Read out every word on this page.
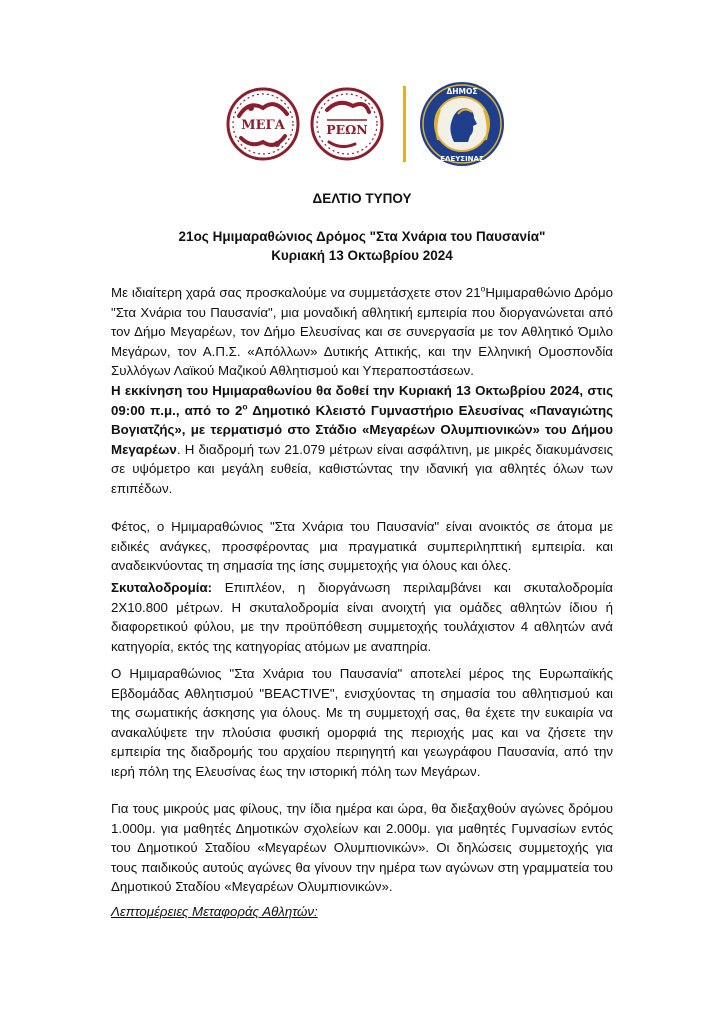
ΜΕΓΑ	ΡΕΩΝ
ΔΗΜΟΣ
ΕΛΕΥΣΙΝΑΣ

ΔΕΛΤΙΟ ΤΥΠΟΥ

21ος Ημιμαραθώνιος Δρόμος "Στα Χνάρια του Παυσανία"

Κυριακή 13 Οκτωβρίου 2024

Με ιδιαίτερη χαρά σας προσκαλούμε να συμμετάσχετε στον $21^oH\mu\iota\mu\alpha\rho\alpha\theta ώ\nu\iota o$ Δρόμο "Στα Χνάρια του Παυσανία", μια μοναδική αθλητική εμπειρία που διοργανώνεται από τον Δήμο Μεγαρέων, τον Δήμο Ελευσίνας και σε συνεργασία με τον Αθλητικό Όμιλο Μεγάρων, τον Α.Π.Σ. «Απόλλων» Δυτικής Αττικής, και την Ελληνική Ομοσπονδία Συλλόγων Λαϊκού Μαζικού Αθλητισμού και Υπεραποστάσεων.

Η εκκίνηση του Ημιμαραθωνίου θα δοθεί την Κυριακή 13 Οκτωβρίου 2024, στις 09:00 π.μ., από το $2^o$ Δημοτικό Κλειστό Γυμναστήριο Ελευσίνας «Παναγιώτης Βογιατζής», με τερματισμό στο Στάδιο «Μεγαρέων Ολυμπιονικών» του Δήμου Μεγαρέων. Η διαδρομή των 21.079 μέτρων είναι ασφάλτινη, με μικρές διακυμάνσεις σε υψόμετρο και μεγάλη ευθεία, καθιστώντας την ιδανική για αθλητές όλων των επιπέδων.

Φέτος, ο Ημιμαραθώνιος "Στα Χνάρια του Παυσανία" είναι ανοικτός σε άτομα με ειδικές ανάγκες, προσφέροντας μια πραγματικά συμπεριληπτική εμπειρία. και αναδεικνύοντας τη σημασία της ίσης συμμετοχής για όλους και όλες.

Σκυταλοδρομία: Επιπλέον, η διοργάνωση περιλαμβάνει και σκυταλοδρομία 2Χ10.800 μέτρων. Η σκυταλοδρομία είναι ανοιχτή για ομάδες αθλητών ίδιου ή διαφορετικού φύλου, με την προϋπόθεση συμμετοχής τουλάχιστον 4 αθλητών ανά κατηγορία, εκτός της κατηγορίας ατόμων με αναπηρία.

Ο Ημιμαραθώνιος "Στα Χνάρια του Παυσανία" αποτελεί μέρος της Ευρωπαϊκής Εβδομάδας Αθλητισμού "BEACTIVE", ενισχύοντας τη σημασία του αθλητισμού και της σωματικής άσκησης για όλους. Με τη συμμετοχή σας, θα έχετε την ευκαιρία να ανακαλύψετε την πλούσια φυσική ομορφιά της περιοχής μας και να ζήσετε την εμπειρία της διαδρομής του αρχαίου περιηγητή και γεωγράφου Παυσανία, από την ιερή πόλη της Ελευσίνας έως την ιστορική πόλη των Μεγάρων.

Για τους μικρούς μας φίλους, την ίδια ημέρα και ώρα, θα διεξαχθούν αγώνες δρόμου 1.000μ. για μαθητές Δημοτικών σχολείων και 2.000μ. για μαθητές Γυμνασίων εντός του Δημοτικού Σταδίου «Μεγαρέων Ολυμπιονικών». Οι δηλώσεις συμμετοχής για τους παιδικούς αυτούς αγώνες θα γίνουν την ημέρα των αγώνων στη γραμματεία του Δημοτικού Σταδίου «Μεγαρέων Ολυμπιονικών».

Λεπτομέρειες Μεταφοράς Αθλητών:
